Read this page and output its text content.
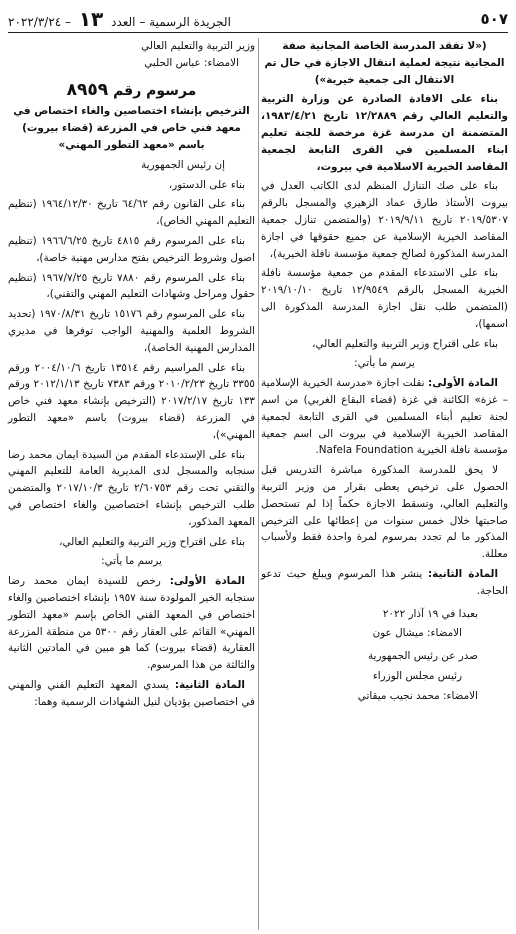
٥٠٧
الجريدة الرسمية – العدد ١٣ – ٢٠٢٢/٣/٢٤

(«لا تفقد المدرسة الخاصة المجانية صفة المجانية نتيجة لعملية انتقال الاجازة في حال تم الانتقال الى جمعية خيرية»)

بناء على الافادة الصادرة عن وزارة التربية والتعليم العالي رقم ١٢/٢٨٨٩ تاريخ ١٩٨٣/٤/٢١، المتضمنة ان مدرسة غزة مرخصة للجنة تعليم ابناء المسلمين في القرى التابعة لجمعية المقاصد الخيرية الاسلامية في بيروت،

بناء على صك التنازل المنظم لدى الكاتب العدل في بيروت الأستاذ طارق عماد الزهيري والمسجل بالرقم ٢٠١٩/٥٣٠٧ تاريخ ٢٠١٩/٩/١١ (والمتضمن تنازل جمعية المقاصد الخيرية الإسلامية عن جميع حقوقها في اجازة المدرسة المذكورة لصالح جمعية مؤسسة نافلة الخيرية)،

بناء على الاستدعاء المقدم من جمعية مؤسسة نافلة الخيرية المسجل بالرقم ١٢/٩٥٤٩ تاريخ ٢٠١٩/١٠/١٠ (المتضمن طلب نقل اجازة المدرسة المذكورة الى اسمها)،

بناء على اقتراح وزير التربية والتعليم العالي،

يرسم ما يأتي:

المادة الأولى: نقلت اجازة «مدرسة الخيرية الإسلامية – غزة» الكائنة في غزة (قضاء البقاع الغربي) من اسم لجنة تعليم أبناء المسلمين في القرى التابعة لجمعية المقاصد الخيرية الإسلامية في بيروت الى اسم جمعية مؤسسة نافلة الخيرية Nafela Foundation.

لا يحق للمدرسة المذكورة مباشرة التدريس قبل الحصول على ترخيص يعطى بقرار من وزير التربية والتعليم العالي، وتسقط الاجازة حكماً إذا لم تستحصل صاحبتها خلال خمس سنوات من إعطائها على الترخيص المذكور ما لم تجدد بمرسوم لمرة واحدة فقط ولأسباب معللة.

المادة الثانية: ينشر هذا المرسوم ويبلغ حيث تدعو الحاجة.

بعبدا في ١٩ آذار ٢٠٢٢

الامضاء: ميشال عون

صدر عن رئيس الجمهورية

رئيس مجلس الوزراء

الامضاء: محمد نجيب ميقاتي

وزير التربية والتعليم العالي

الامضاء: عباس الحلبي

مرسوم رقم ٨٩٥٩

الترخيص بإنشاء اختصاصين والغاء اختصاص في معهد فني خاص في المزرعة (قضاء بيروت) باسم «معهد التطور المهني»

إن رئيس الجمهورية

بناء على الدستور،

بناء على القانون رقم ٦٤/٦٢ تاريخ ١٩٦٤/١٢/٣٠ (تنظيم التعليم المهني الخاص)،

بناء على المرسوم رقم ٤٨١٥ تاريخ ١٩٦٦/٦/٢٥ (تنظيم اصول وشروط الترخيص بفتح مدارس مهنية خاصة)،

بناء على المرسوم رقم ٧٨٨٠ تاريخ ١٩٦٧/٧/٢٥ (تنظيم حقول ومراحل وشهادات التعليم المهني والتقني)،

بناء على المرسوم رقم ١٥١٧٦ تاريخ ١٩٧٠/٨/٣١ (تحديد الشروط العلمية والمهنية الواجب توفرها في مديري المدارس المهنية الخاصة)،

بناء على المراسيم رقم ١٣٥١٤ تاريخ ٢٠٠٤/١٠/٦ ورقم ٣٣٥٥ تاريخ ٢٠١٠/٢/٢٣ ورقم ٧٣٨٣ تاريخ ٢٠١٢/١/١٣ ورقم ١٣٣ تاريخ ٢٠١٧/٢/١٧ (الترخيص بإنشاء معهد فني خاص في المزرعة (قضاء بيروت) باسم «معهد التطور المهني»)،

بناء على الإستدعاء المقدم من السيدة ايمان محمد رضا سنجابه والمسجل لدى المديرية العامة للتعليم المهني والتقني تحت رقم ٢/٦٠٧٥٣ تاريخ ٢٠١٧/١٠/٣ والمتضمن طلب الترخيص بإنشاء اختصاصين والغاء اختصاص في المعهد المذكور،

بناء على اقتراح وزير التربية والتعليم العالي،

يرسم ما يأتي:

المادة الأولى: رخص للسيدة ايمان محمد رضا سنجابه الخير المولودة سنة ١٩٥٧ بإنشاء اختصاصين والغاء اختصاص في المعهد الفني الخاص بإسم «معهد التطور المهني» القائم على العقار رقم ٥٣٠٠ من منطقة المزرعة العقارية (قضاء بيروت) كما هو مبين في المادتين الثانية والثالثة من هذا المرسوم.

المادة الثانية: يسدي المعهد التعليم الفني والمهني في اختصاصين يؤديان لنيل الشهادات الرسمية وهما:
